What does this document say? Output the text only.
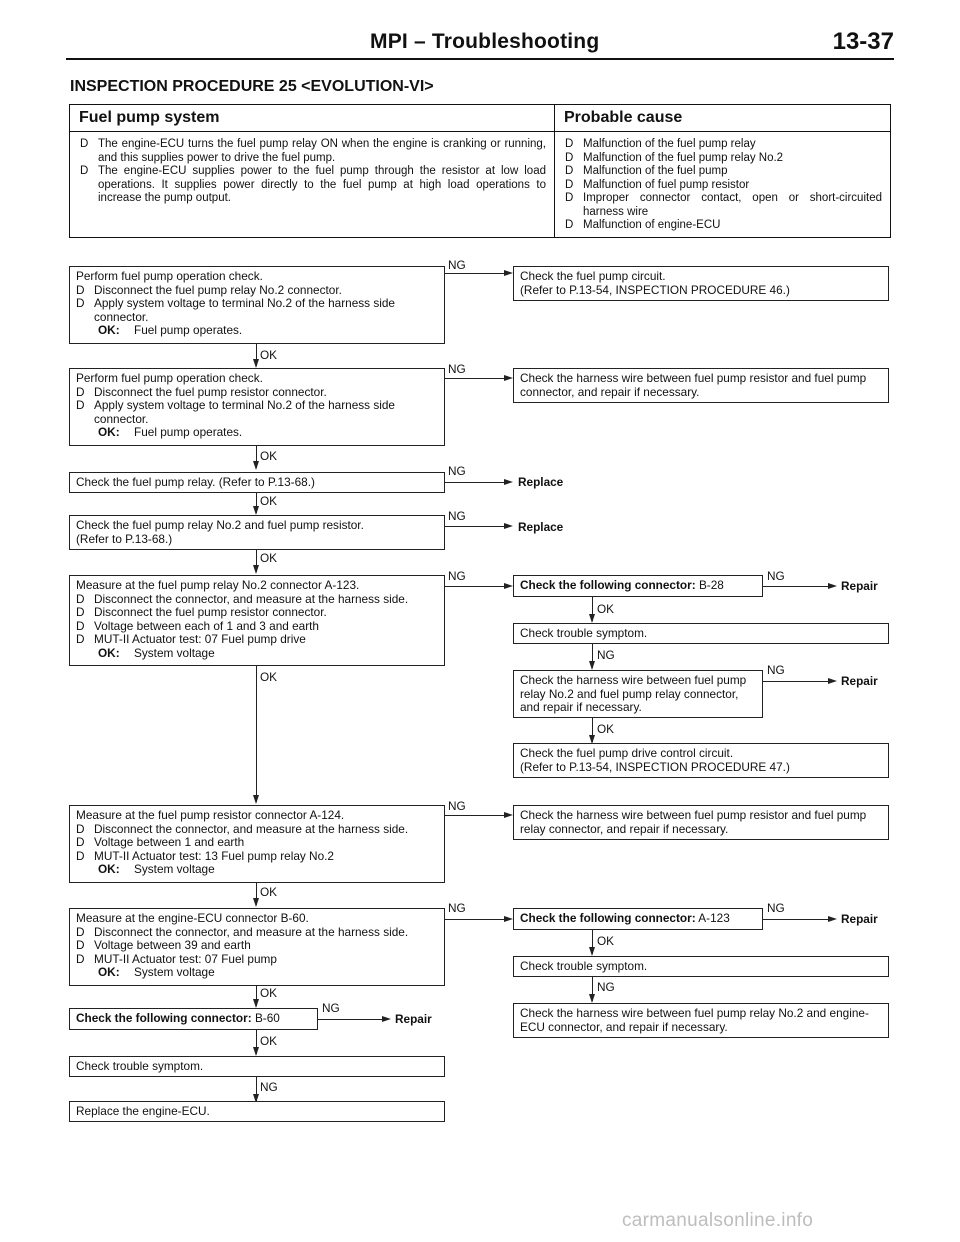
MPI – Troubleshooting	13-37
INSPECTION PROCEDURE 25 <EVOLUTION-VI>
Fuel pump system
D The engine-ECU turns the fuel pump relay ON when the engine is cranking or running, and this supplies power to drive the fuel pump.
D The engine-ECU supplies power to the fuel pump through the resistor at low load operations. It supplies power directly to the fuel pump at high load operations to increase the pump output.
Probable cause
D Malfunction of the fuel pump relay
D Malfunction of the fuel pump relay No.2
D Malfunction of the fuel pump
D Malfunction of fuel pump resistor
D Improper connector contact, open or short-circuited harness wire
D Malfunction of engine-ECU
Perform fuel pump operation check.
D Disconnect the fuel pump relay No.2 connector.
D Apply system voltage to terminal No.2 of the harness side connector.
OK: Fuel pump operates.
NG
Check the fuel pump circuit.
(Refer to P.13-54, INSPECTION PROCEDURE 46.)
OK
Perform fuel pump operation check.
D Disconnect the fuel pump resistor connector.
D Apply system voltage to terminal No.2 of the harness side connector.
OK: Fuel pump operates.
NG
Check the harness wire between fuel pump resistor and fuel pump connector, and repair if necessary.
OK
Check the fuel pump relay. (Refer to P.13-68.)
NG
Replace
OK
Check the fuel pump relay No.2 and fuel pump resistor.
(Refer to P.13-68.)
NG
Replace
OK
Measure at the fuel pump relay No.2 connector A-123.
D Disconnect the connector, and measure at the harness side.
D Disconnect the fuel pump resistor connector.
D Voltage between each of 1 and 3 and earth
D MUT-II Actuator test: 07 Fuel pump drive
OK: System voltage
NG
Check the following connector: B-28
NG
Repair
OK
Check trouble symptom.
NG
Check the harness wire between fuel pump relay No.2 and fuel pump relay connector, and repair if necessary.
NG
Repair
OK
Check the fuel pump drive control circuit.
(Refer to P.13-54, INSPECTION PROCEDURE 47.)
OK
Measure at the fuel pump resistor connector A-124.
D Disconnect the connector, and measure at the harness side.
D Voltage between 1 and earth
D MUT-II Actuator test: 13 Fuel pump relay No.2
OK: System voltage
NG
Check the harness wire between fuel pump resistor and fuel pump relay connector, and repair if necessary.
OK
Measure at the engine-ECU connector B-60.
D Disconnect the connector, and measure at the harness side.
D Voltage between 39 and earth
D MUT-II Actuator test: 07 Fuel pump
OK: System voltage
NG
Check the following connector: A-123
NG
Repair
OK
Check trouble symptom.
NG
Check the harness wire between fuel pump relay No.2 and engine-ECU connector, and repair if necessary.
OK
Check the following connector: B-60
NG
Repair
OK
Check trouble symptom.
NG
Replace the engine-ECU.
carmanualsonline.info
